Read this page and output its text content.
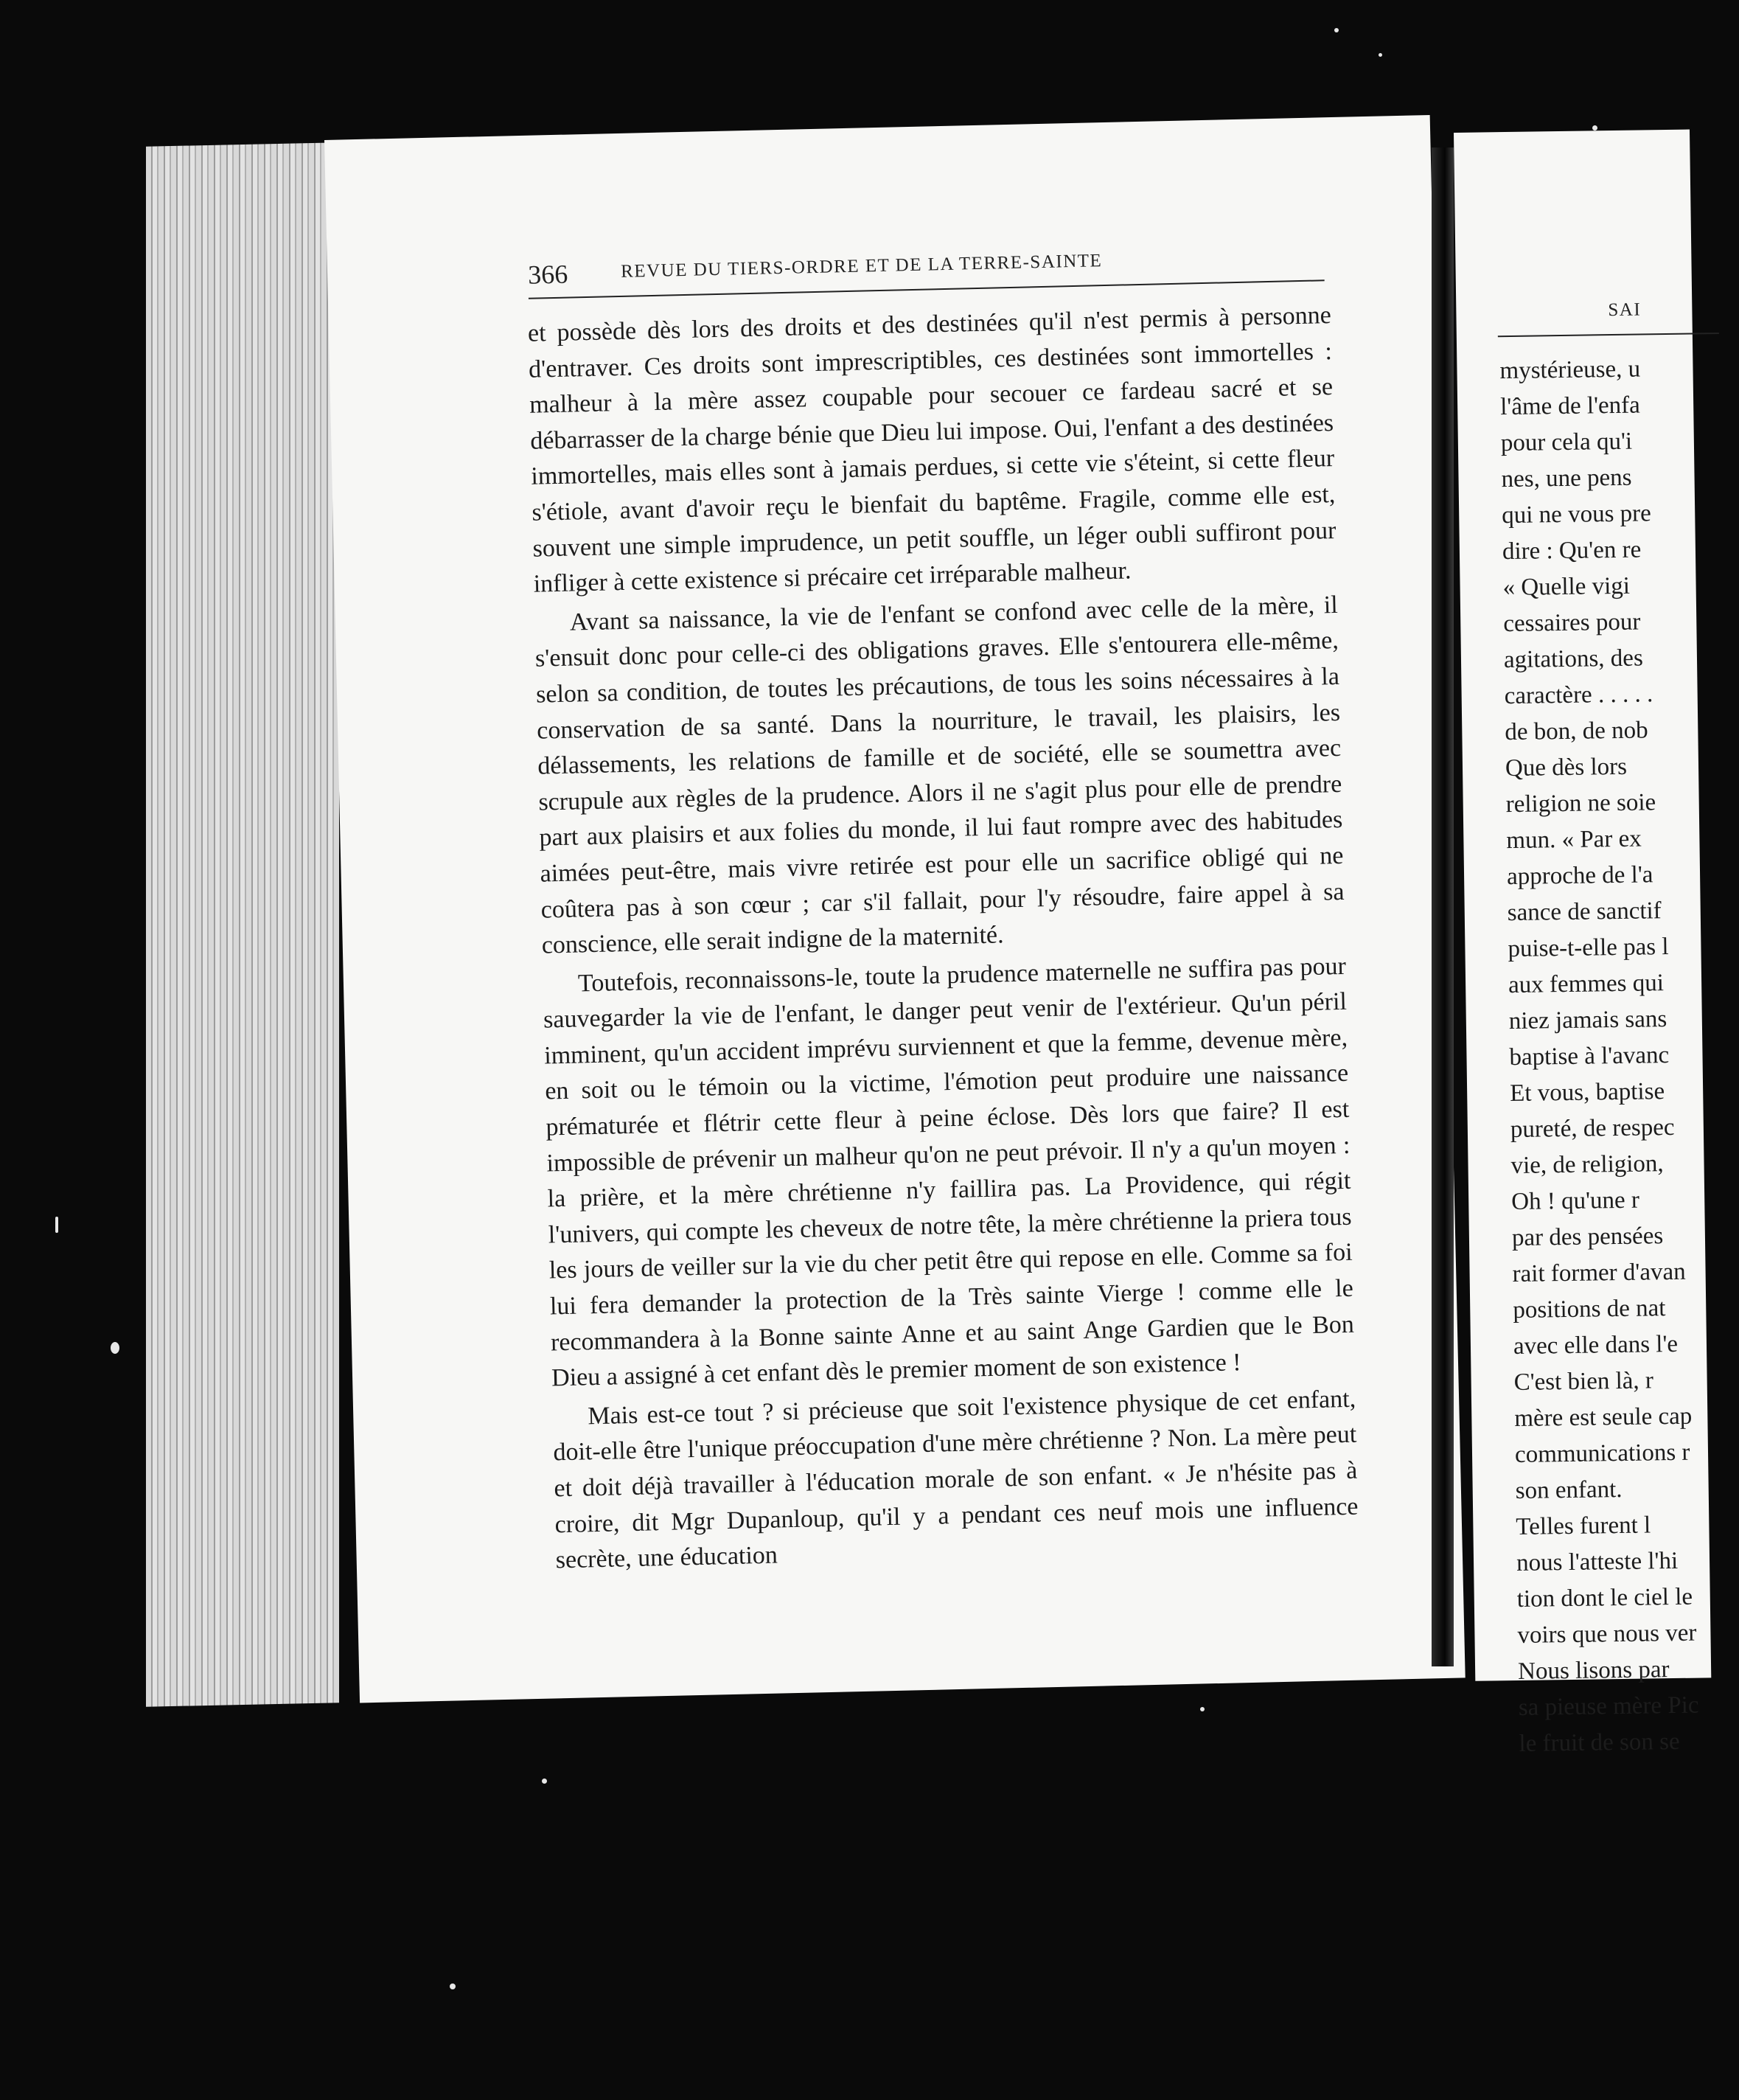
366	REVUE DU TIERS-ORDRE ET DE LA TERRE-SAINTE

et possède dès lors des droits et des destinées qu'il n'est permis à personne d'entraver. Ces droits sont imprescriptibles, ces destinées sont immortelles : malheur à la mère assez coupable pour secouer ce fardeau sacré et se débarrasser de la charge bénie que Dieu lui impose. Oui, l'enfant a des destinées immortelles, mais elles sont à jamais perdues, si cette vie s'éteint, si cette fleur s'étiole, avant d'avoir reçu le bienfait du baptême. Fragile, comme elle est, souvent une simple imprudence, un petit souffle, un léger oubli suffiront pour infliger à cette existence si précaire cet irréparable malheur.

Avant sa naissance, la vie de l'enfant se confond avec celle de la mère, il s'ensuit donc pour celle-ci des obligations graves. Elle s'entourera elle-même, selon sa condition, de toutes les précautions, de tous les soins nécessaires à la conservation de sa santé. Dans la nourriture, le travail, les plaisirs, les délassements, les relations de famille et de société, elle se soumettra avec scrupule aux règles de la prudence. Alors il ne s'agit plus pour elle de prendre part aux plaisirs et aux folies du monde, il lui faut rompre avec des habitudes aimées peut-être, mais vivre retirée est pour elle un sacrifice obligé qui ne coûtera pas à son cœur ; car s'il fallait, pour l'y résoudre, faire appel à sa conscience, elle serait indigne de la maternité.

Toutefois, reconnaissons-le, toute la prudence maternelle ne suffira pas pour sauvegarder la vie de l'enfant, le danger peut venir de l'extérieur. Qu'un péril imminent, qu'un accident imprévu surviennent et que la femme, devenue mère, en soit ou le témoin ou la victime, l'émotion peut produire une naissance prématurée et flétrir cette fleur à peine éclose. Dès lors que faire? Il est impossible de prévenir un malheur qu'on ne peut prévoir. Il n'y a qu'un moyen : la prière, et la mère chrétienne n'y faillira pas. La Providence, qui régit l'univers, qui compte les cheveux de notre tête, la mère chrétienne la priera tous les jours de veiller sur la vie du cher petit être qui repose en elle. Comme sa foi lui fera demander la protection de la Très sainte Vierge ! comme elle le recommandera à la Bonne sainte Anne et au saint Ange Gardien que le Bon Dieu a assigné à cet enfant dès le premier moment de son existence !

Mais est-ce tout ? si précieuse que soit l'existence physique de cet enfant, doit-elle être l'unique préoccupation d'une mère chrétienne ? Non. La mère peut et doit déjà travailler à l'éducation morale de son enfant. « Je n'hésite pas à croire, dit Mgr Dupanloup, qu'il y a pendant ces neuf mois une influence secrète, une éducation

SAI
mystérieuse, u
l'âme de l'enfa
pour cela qu'i
nes, une pens
qui ne vous pre
dire : Qu'en re
« Quelle vigi
cessaires pour
agitations, des
caractère . . . . .
de bon, de nob
Que dès lors
religion ne soie
mun. « Par ex
approche de l'a
sance de sanctif
puise-t-elle pas l
aux femmes qui
niez jamais sans
baptise à l'avanc
Et vous, baptise
pureté, de respec
vie, de religion,
Oh ! qu'une r
par des pensées
rait former d'avan
positions de nat
avec elle dans l'e
C'est bien là, r
mère est seule cap
communications r
son enfant.
Telles furent l
nous l'atteste l'hi
tion dont le ciel le
voirs que nous ver
Nous lisons par
sa pieuse mère Pic
le fruit de son se
